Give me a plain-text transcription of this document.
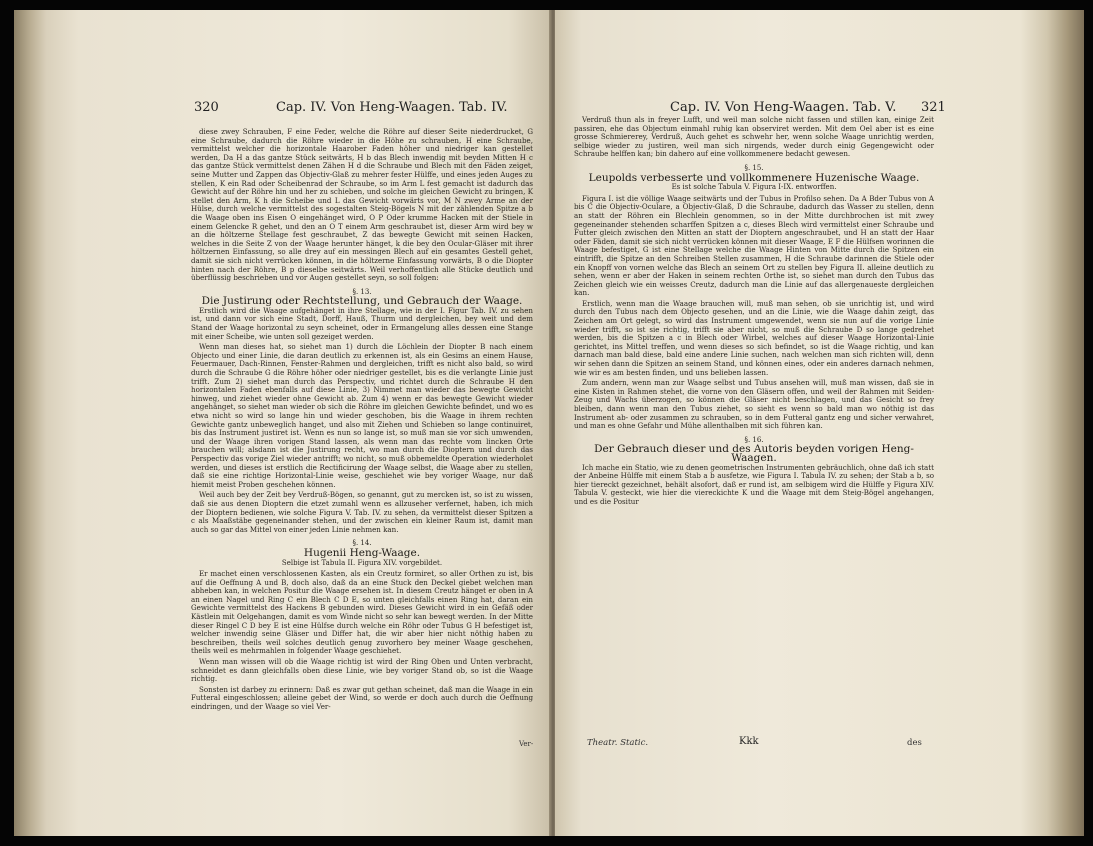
320	Cap. IV. Von Heng-Waagen. Tab. IV.

diese zwey Schrauben, F eine Feder, welche die Röhre auf dieser Seite niederdrucket, G eine Schraube, dadurch die Röhre wieder in die Höhe zu schrauben, H eine Schraube, vermittelst welcher die horizontale Haarober Faden höher und niedriger kan gestellet werden, Da H a das gantze Stück seitwärts, H b das Blech inwendig mit beyden Mitten H c das gantze Stück vermittelst denen Zähen H d die Schraube und Blech mit den Fäden zeiget, seine Mutter und Zappen das Objectiv-Glaß zu mehrer fester Hülffe, und eines jeden Auges zu stellen, K ein Rad oder Scheibenrad der Schraube, so im Arm L fest gemacht ist dadurch das Gewicht auf der Röhre hin und her zu schieben, und solche im gleichen Gewicht zu bringen, K stellet den Arm, K h die Scheibe und L das Gewicht vorwärts vor, M N zwey Arme an der Hülse, durch welche vermittelst des sogestalten Steig-Bögels N mit der zählenden Spitze a b die Waage oben ins Eisen O eingehänget wird, O P Oder krumme Hacken mit der Stiele in einem Gelencke R gehet, und den an O T einem Arm geschraubet ist, dieser Arm wird bey w an die höltzerne Stellage fest geschraubet, Z das bewegte Gewicht mit seinen Hacken, welches in die Seite Z von der Waage herunter hänget, k die bey den Ocular-Gläser mit ihrer höltzernen Einfassung, so alle drey auf ein messingen Blech auf ein gesamtes Gestell gehet, damit sie sich nicht verrücken können, in die höltzerne Einfassung vorwärts, B o die Diopter hinten nach der Röhre, B p dieselbe seitwärts. Weil verhoffentlich alle Stücke deutlich und überflüssig beschrieben und vor Augen gestellet seyn, so soll folgen:

§. 13.
Die Justirung oder Rechtstellung, und Gebrauch der Waage.

Erstlich wird die Waage aufgehänget in ihre Stellage, wie in der I. Figur Tab. IV. zu sehen ist, und dann vor sich eine Stadt, Dorff, Hauß, Thurm und dergleichen, bey weit und dem Stand der Waage horizontal zu seyn scheinet, oder in Ermangelung alles dessen eine Stange mit einer Scheibe, wie unten soll gezeiget werden.

Wenn man dieses hat, so siehet man 1) durch die Löchlein der Diopter B nach einem Objecto und einer Linie, die daran deutlich zu erkennen ist, als ein Gesims an einem Hause, Feuermauer, Dach-Rinnen, Fenster-Rahmen und dergleichen, trifft es nicht also bald, so wird durch die Schraube G die Röhre höher oder niedriger gestellet, bis es die verlangte Linie just trifft. Zum 2) siehet man durch das Perspectiv, und richtet durch die Schraube H den horizontalen Faden ebenfalls auf diese Linie, 3) Nimmet man wieder das bewegte Gewicht hinweg, und ziehet wieder ohne Gewicht ab. Zum 4) wenn er das bewegte Gewicht wieder angehänget, so siehet man wieder ob sich die Röhre im gleichen Gewichte befindet, und wo es etwa nicht so wird so lange hin und wieder geschoben, bis die Waage in ihrem rechten Gewichte gantz unbeweglich hanget, und also mit Ziehen und Schieben so lange continuiret, bis das Instrument justiret ist. Wenn es nun so lange ist, so muß man sie vor sich umwenden, und der Waage ihren vorigen Stand lassen, als wenn man das rechte vom lincken Orte brauchen will; alsdann ist die Justirung recht, wo man durch die Dioptern und durch das Perspectiv das vorige Ziel wieder antrifft; wo nicht, so muß obbemeldte Operation wiederholet werden, und dieses ist erstlich die Rectificirung der Waage selbst, die Waage aber zu stellen, daß sie eine richtige Horizontal-Linie weise, geschiehet wie bey voriger Waage, nur daß hiemit meist Proben geschehen können.

Weil auch bey der Zeit bey Verdruß-Bögen, so genannt, gut zu mercken ist, so ist zu wissen, daß sie aus denen Dioptern die etzet zumahl wenn es allzuseher verfernet, haben, ich mich der Dioptern bedienen, wie solche Figura V. Tab. IV. zu sehen, da vermittelst dieser Spitzen a c als Maaßstäbe gegeneinander stehen, und der zwischen ein kleiner Raum ist, damit man auch so gar das Mittel von einer jeden Linie nehmen kan.

§. 14.
Hugenii Heng-Waage.
Selbige ist Tabula II. Figura XIV. vorgebildet.

Er machet einen verschlossenen Kasten, als ein Creutz formiret, so aller Orthen zu ist, bis auf die Oeffnung A und B, doch also, daß da an eine Stuck den Deckel giebet welchen man abheben kan, in welchen Positur die Waage ersehen ist. In diesem Creutz hänget er oben in A an einen Nagel und Ring C ein Blech C D E, so unten gleichfalls einen Ring hat, daran ein Gewichte vermittelst des Hackens B gebunden wird. Dieses Gewicht wird in ein Gefäß oder Kästlein mit Oelgehangen, damit es vom Winde nicht so sehr kan bewegt werden. In der Mitte dieser Ringel C D bey E ist eine Hülfse durch welche ein Röhr oder Tubus G H befestiget ist, welcher inwendig seine Gläser und Differ hat, die wir aber hier nicht nöthig haben zu beschreiben, theils weil solches deutlich genug zuvorhero bey meiner Waage geschehen, theils weil es mehrmahlen in folgender Waage geschiehet.

Wenn man wissen will ob die Waage richtig ist wird der Ring Oben und Unten verbracht, schneidet es dann gleichfalls oben diese Linie, wie bey voriger Stand ob, so ist die Waage richtig.

Sonsten ist darbey zu erinnern: Daß es zwar gut gethan scheinet, daß man die Waage in ein Futteral eingeschlossen; alleine gebet der Wind, so werde er doch auch durch die Oeffnung eindringen, und der Waage so viel Ver-

Ver-
Cap. IV. Von Heng-Waagen. Tab. V. 321

Verdruß thun als in freyer Lufft, und weil man solche nicht fassen und stillen kan, einige Zeit passiren, ehe das Objectum einmahl ruhig kan observiret werden. Mit dem Oel aber ist es eine grosse Schmiererey, Verdruß, Auch gehet es schwehr her, wenn solche Waage unrichtig werden, selbige wieder zu justiren, weil man sich nirgends, weder durch einig Gegengewicht oder Schraube helffen kan; bin dahero auf eine vollkommenere bedacht gewesen.

§. 15.
Leupolds verbesserte und vollkommenere Huzenische Waage.
Es ist solche Tabula V. Figura I-IX. entworffen.

Figura I. ist die völlige Waage seitwärts und der Tubus in Profilso sehen. Da A Bder Tubus von A bis C die Objectiv-Oculare, a Objectiv-Glaß, D die Schraube, dadurch das Wasser zu stellen, denn an statt der Röhren ein Blechlein genommen, so in der Mitte durchbrochen ist mit zwey gegeneinander stehenden scharffen Spitzen a c, dieses Blech wird vermittelst einer Schraube und Futter gleich zwischen den Mitten an statt der Dioptern angeschraubet, und H an statt der Haar oder Fäden, damit sie sich nicht verrücken können mit dieser Waage, E F die Hülfsen worinnen die Waage befestiget, G ist eine Stellage welche die Waage Hinten von Mitte durch die Spitzen ein eintrifft, die Spitze an den Schreiben Stellen zusammen, H die Schraube darinnen die Stiele oder ein Knopff von vornen welche das Blech an seinem Ort zu stellen bey Figura II. alleine deutlich zu sehen, wenn er aber der Haken in seinem rechten Orthe ist, so siehet man durch den Tubus das Zeichen gleich wie ein weisses Creutz, dadurch man die Linie auf das allergenaueste dergleichen kan.

Erstlich, wenn man die Waage brauchen will, muß man sehen, ob sie unrichtig ist, und wird durch den Tubus nach dem Objecto gesehen, und an die Linie, wie die Waage dahin zeigt, das Zeichen am Ort gelegt, so wird das Instrument umgewendet, wenn sie nun auf die vorige Linie wieder trifft, so ist sie richtig, trifft sie aber nicht, so muß die Schraube D so lange gedrehet werden, bis die Spitzen a c in Blech oder Wirbel, welches auf dieser Waage Horizontal-Linie gerichtet, ins Mittel treffen, und wenn dieses so sich befindet, so ist die Waage richtig, und kan darnach man bald diese, bald eine andere Linie suchen, nach welchen man sich richten will, denn wir sehen dann die Spitzen an seinem Stand, und können eines, oder ein anderes darnach nehmen, wie wir es am besten finden, und uns belieben lassen.

Zum andern, wenn man zur Waage selbst und Tubus ansehen will, muß man wissen, daß sie in eine Kisten in Rahmen stehet, die vorne von den Gläsern offen, und weil der Rahmen mit Seiden-Zeug und Wachs überzogen, so können die Gläser nicht beschlagen, und das Gesicht so frey bleiben, dann wenn man den Tubus ziehet, so sieht es wenn so bald man wo nöthig ist das Instrument ab- oder zusammen zu schrauben, so in dem Futteral gantz eng und sicher verwahret, und man es ohne Gefahr und Mühe allenthalben mit sich führen kan.

§. 16.
Der Gebrauch dieser und des Autoris beyden vorigen Heng-Waagen.

Ich mache ein Statio, wie zu denen geometrischen Instrumenten gebräuchlich, ohne daß ich statt der Anbeine Hülffe mit einem Stab a b ausfetze, wie Figura I. Tabula IV. zu sehen; der Stab a b, so hier tiereckt gezeichnet, behält alsofort, daß er rund ist, am selbigem wird die Hülffe y Figura XIV. Tabula V. gesteckt, wie hier die viereckichte K und die Waage mit dem Steig-Bögel angehangen, und es die Positur

Theatr. Static.	Kkk	des
